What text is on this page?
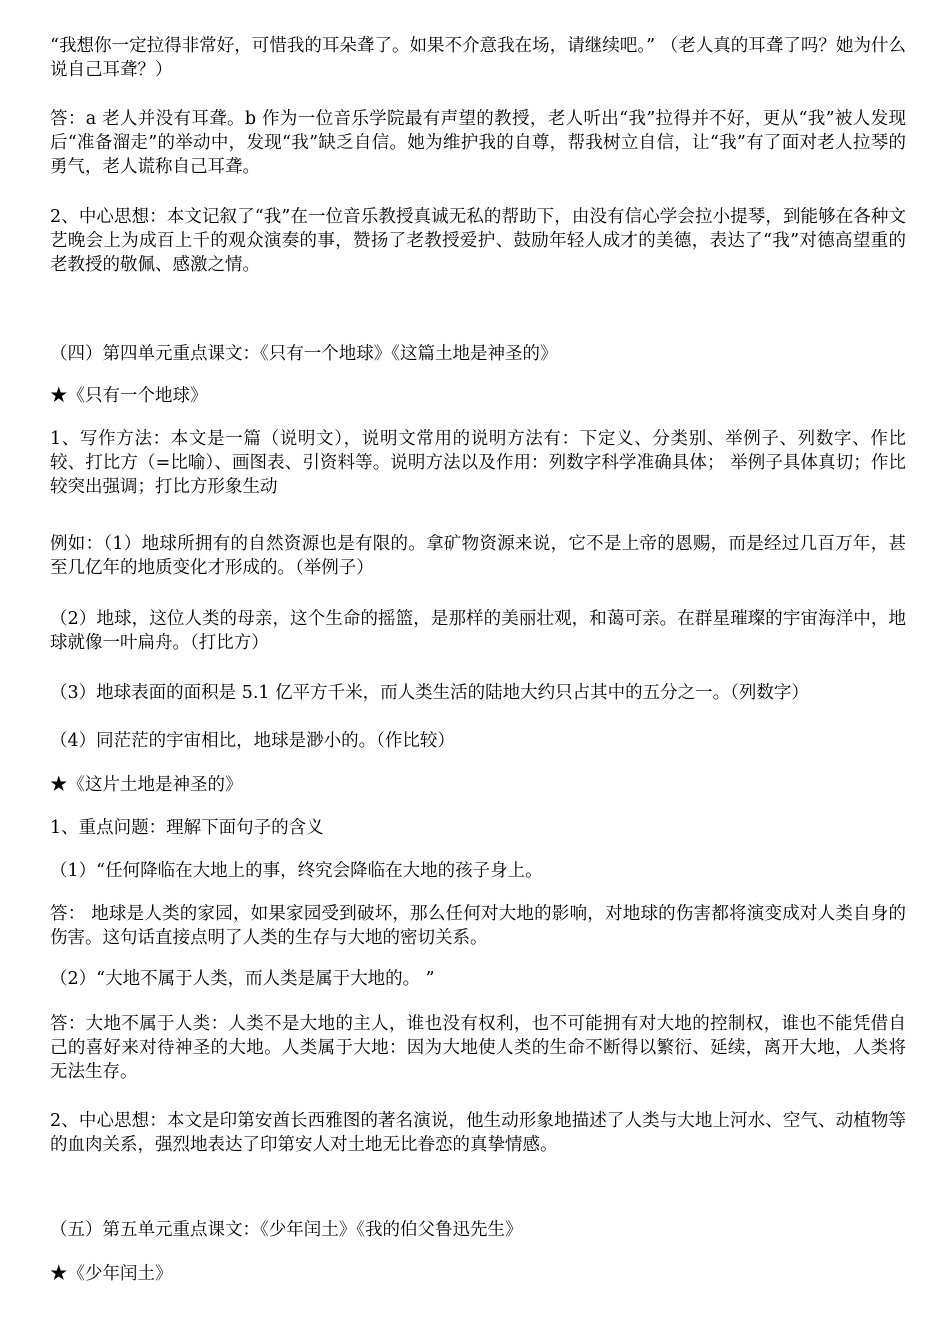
“我想你一定拉得非常好，可惜我的耳朵聋了。如果不介意我在场，请继续吧。” （老人真的耳聋了吗？她为什么说自己耳聋？）

答：a 老人并没有耳聋。b 作为一位音乐学院最有声望的教授，老人听出“我”拉得并不好，更从“我”被人发现后“准备溜走”的举动中，发现“我”缺乏自信。她为维护我的自尊，帮我树立自信，让“我”有了面对老人拉琴的勇气，老人谎称自己耳聋。

2、中心思想：本文记叙了“我”在一位音乐教授真诚无私的帮助下，由没有信心学会拉小提琴，到能够在各种文艺晚会上为成百上千的观众演奏的事，赞扬了老教授爱护、鼓励年轻人成才的美德，表达了“我”对德高望重的老教授的敬佩、感激之情。

（四）第四单元重点课文：《只有一个地球》《这篇土地是神圣的》

★《只有一个地球》

1、写作方法：本文是一篇（说明文），说明文常用的说明方法有：下定义、分类别、举例子、列数字、作比较、打比方（=比喻）、画图表、引资料等。说明方法以及作用：列数字科学准确具体； 举例子具体真切；作比较突出强调；打比方形象生动

例如：（1）地球所拥有的自然资源也是有限的。拿矿物资源来说，它不是上帝的恩赐，而是经过几百万年，甚至几亿年的地质变化才形成的。（举例子）

（2）地球，这位人类的母亲，这个生命的摇篮，是那样的美丽壮观，和蔼可亲。在群星璀璨的宇宙海洋中，地球就像一叶扁舟。（打比方）

（3）地球表面的面积是 5.1 亿平方千米，而人类生活的陆地大约只占其中的五分之一。（列数字）

（4）同茫茫的宇宙相比，地球是渺小的。（作比较）

★《这片土地是神圣的》

1、重点问题：理解下面句子的含义

（1）“任何降临在大地上的事，终究会降临在大地的孩子身上。

答： 地球是人类的家园，如果家园受到破坏，那么任何对大地的影响，对地球的伤害都将演变成对人类自身的伤害。这句话直接点明了人类的生存与大地的密切关系。

（2）“大地不属于人类，而人类是属于大地的。 ”

答：大地不属于人类：人类不是大地的主人，谁也没有权利，也不可能拥有对大地的控制权，谁也不能凭借自己的喜好来对待神圣的大地。人类属于大地：因为大地使人类的生命不断得以繁衍、延续，离开大地，人类将无法生存。

2、中心思想：本文是印第安酋长西雅图的著名演说，他生动形象地描述了人类与大地上河水、空气、动植物等的血肉关系，强烈地表达了印第安人对土地无比眷恋的真挚情感。

（五）第五单元重点课文：《少年闰土》《我的伯父鲁迅先生》

★《少年闰土》
